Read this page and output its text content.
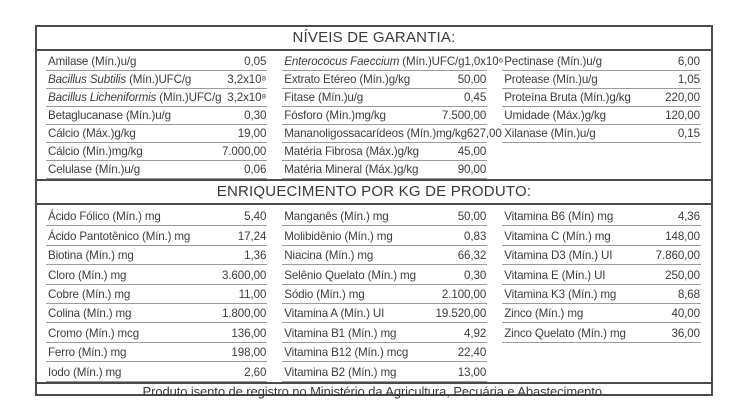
NÍVEIS DE GARANTIA:
Amilase (Mín.)u/g	0,05
Bacillus Subtilis (Mín.)UFC/g	3,2x10⁸
Bacillus Licheniformis (Mín.)UFC/g 3,2x10⁸
Betaglucanase (Mín.)u/g	0,30
Cálcio (Máx.)g/kg	19,00
Cálcio (Mín.)mg/kg	7.000,00
Celulase (Mín.)u/g	0,06
Enterococus Faeccium (Mín.)UFC/g 1,0x10⁶
Extrato Etéreo (Mín.)g/kg	50,00
Fitase (Mín.)u/g	0,45
Fósforo (Mín.)mg/kg	7.500,00
Mananoligossacarídeos (Mín.)mg/kg 627,00
Matéria Fibrosa (Máx.)g/kg	45,00
Matéria Mineral (Máx.)g/kg	90,00
Pectinase (Mín.)u/g	6,00
Protease (Mín.)u/g	1,05
Proteína Bruta (Mín.)g/kg	220,00
Umidade (Máx.)g/kg	120,00
Xilanase (Mín.)u/g	0,15
ENRIQUECIMENTO POR KG DE PRODUTO:
Ácido Fólico (Mín.) mg	5,40
Ácido Pantotênico (Mín.) mg	17,24
Biotina (Mín.) mg	1,36
Cloro (Mín.) mg	3.600,00
Cobre (Mín.) mg	11,00
Colina (Mín.) mg	1.800,00
Cromo (Mín.) mcg	136,00
Ferro (Mín.) mg	198,00
Iodo (Mín.) mg	2,60
Manganês (Mín.) mg	50,00
Molibidênio (Mín.) mg	0,83
Niacina (Mín.) mg	66,32
Selênio Quelato (Mín.) mg	0,30
Sódio (Mín.) mg	2.100,00
Vitamina A (Mín.) UI	19.520,00
Vitamina B1 (Mín.) mg	4,92
Vitamina B12 (Mín.) mcg	22,40
Vitamina B2 (Mín.) mg	13,00
Vitamina B6 (Mín) mg	4,36
Vitamina C (Mín.) mg	148,00
Vitamina D3 (Mín.) UI	7.860,00
Vitamina E (Mín.) UI	250,00
Vitamina K3 (Mín.) mg	8,68
Zinco (Mín.) mg	40,00
Zinco Quelato (Mín.) mg	36,00
Produto isento de registro no Ministério da Agricultura, Pecuária e Abastecimento.
